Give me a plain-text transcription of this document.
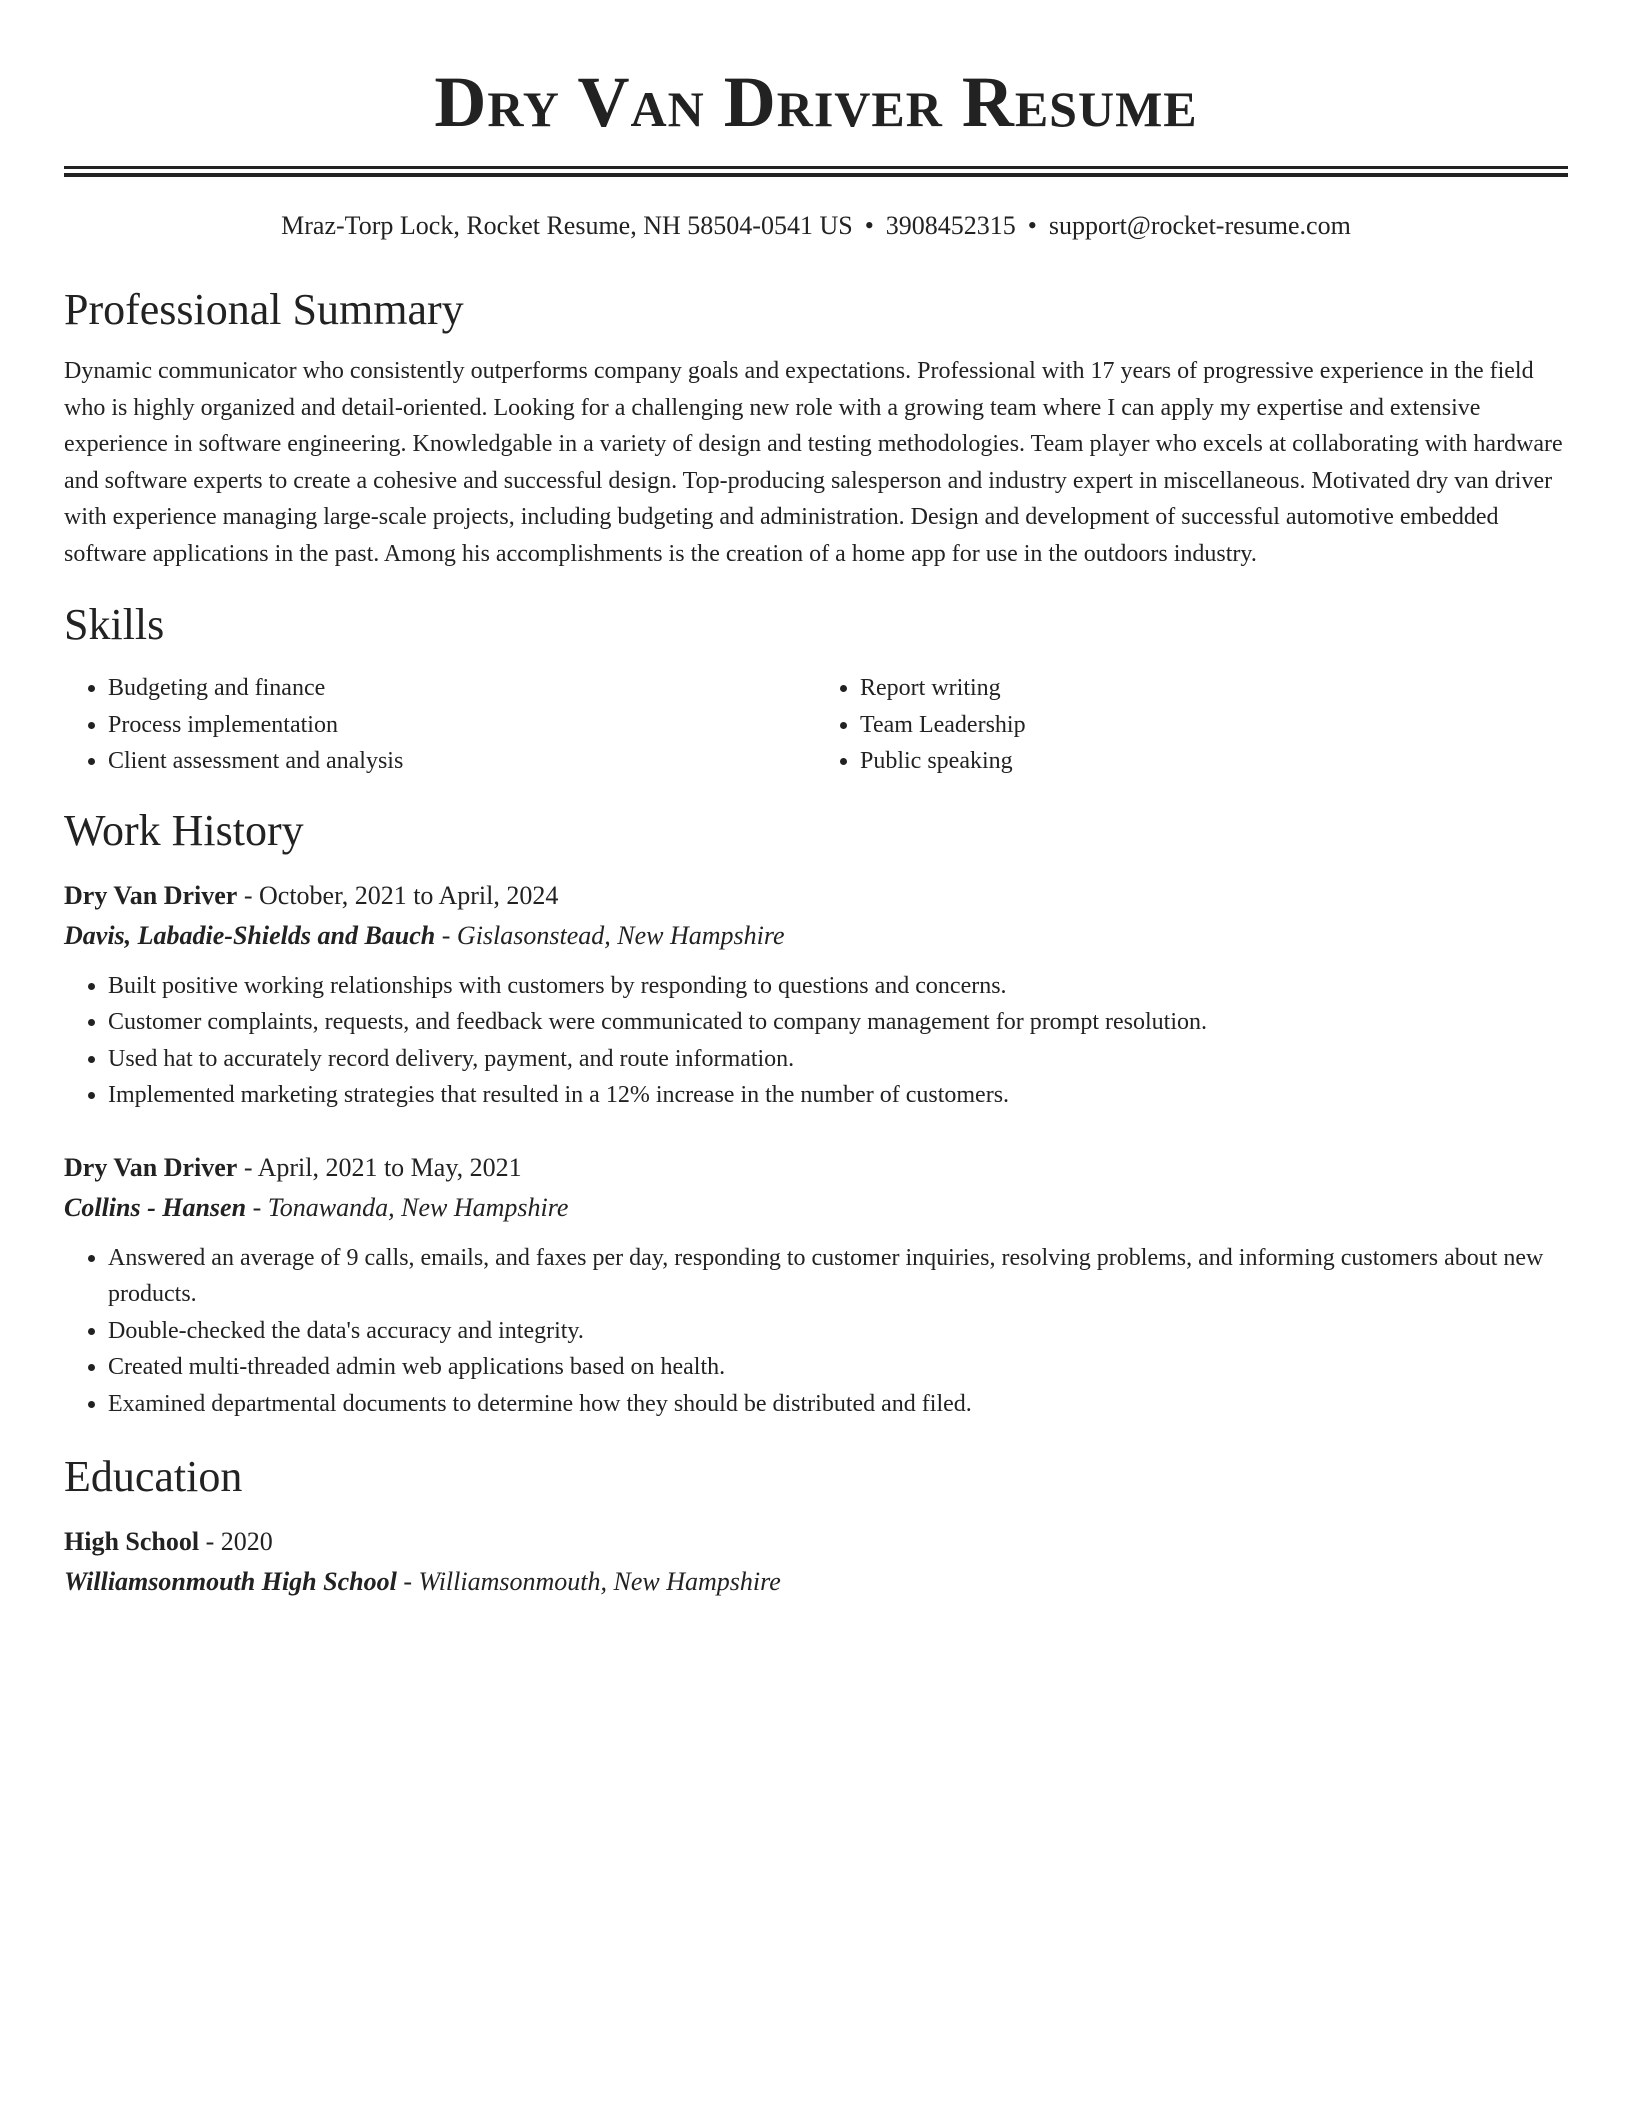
Dry Van Driver Resume
Mraz-Torp Lock, Rocket Resume, NH 58504-0541 US • 3908452315 • support@rocket-resume.com
Professional Summary

Dynamic communicator who consistently outperforms company goals and expectations. Professional with 17 years of progressive experience in the field who is highly organized and detail-oriented. Looking for a challenging new role with a growing team where I can apply my expertise and extensive experience in software engineering. Knowledgable in a variety of design and testing methodologies. Team player who excels at collaborating with hardware and software experts to create a cohesive and successful design. Top-producing salesperson and industry expert in miscellaneous. Motivated dry van driver with experience managing large-scale projects, including budgeting and administration. Design and development of successful automotive embedded software applications in the past. Among his accomplishments is the creation of a home app for use in the outdoors industry.

Skills
• Budgeting and finance
• Process implementation
• Client assessment and analysis
• Report writing
• Team Leadership
• Public speaking
Work History
Dry Van Driver - October, 2021 to April, 2024
Davis, Labadie-Shields and Bauch - Gislasonstead, New Hampshire
• Built positive working relationships with customers by responding to questions and concerns.
• Customer complaints, requests, and feedback were communicated to company management for prompt resolution.
• Used hat to accurately record delivery, payment, and route information.
• Implemented marketing strategies that resulted in a 12% increase in the number of customers.
Dry Van Driver - April, 2021 to May, 2021
Collins - Hansen - Tonawanda, New Hampshire
• Answered an average of 9 calls, emails, and faxes per day, responding to customer inquiries, resolving problems, and informing customers about new products.
• Double-checked the data's accuracy and integrity.
• Created multi-threaded admin web applications based on health.
• Examined departmental documents to determine how they should be distributed and filed.
Education
High School - 2020
Williamsonmouth High School - Williamsonmouth, New Hampshire
